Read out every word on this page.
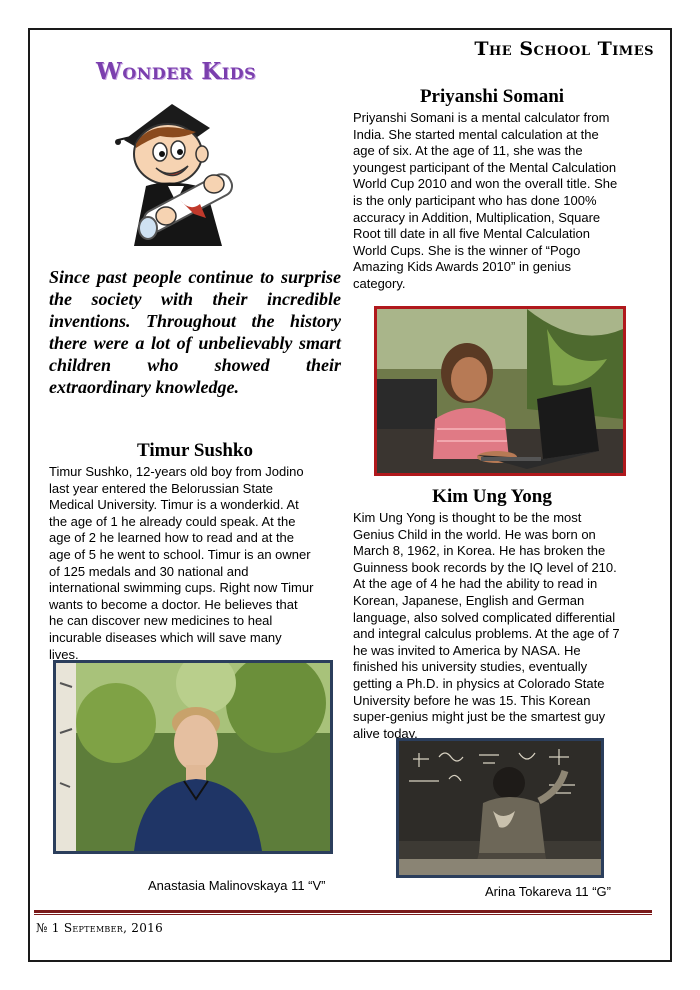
The School Times
Wonder Kids
Since past people continue to surprise the society with their incredible inventions. Throughout the history there were a lot of unbelievably smart children who showed their extraordinary knowledge.
Priyanshi Somani
Priyanshi Somani is a mental calculator from
India. She started mental calculation at the
age of six. At the age of 11, she was the
youngest participant of the Mental Calculation
World Cup 2010 and won the overall title. She
is the only participant who has done 100%
accuracy in Addition, Multiplication, Square
Root till date in all five Mental Calculation
World Cups. She is the winner of “Pogo
Amazing Kids Awards 2010” in genius
category.
Timur Sushko
Timur Sushko, 12-years old boy from Jodino
last year entered the Belorussian State
Medical University. Timur is a wonderkid. At
the age of 1 he already could speak. At the
age of 2 he learned how to read and at the
age of 5 he went to school. Timur is an owner
of 125 medals and 30 national and
international swimming cups. Right now Timur
wants to become a doctor. He believes that
he can discover new medicines to heal
incurable diseases which will save many
lives.
Kim Ung Yong
Kim Ung Yong is thought to be the most
Genius Child in the world. He was born on
March 8, 1962, in Korea. He has broken the
Guinness book records by the IQ level of 210.
At the age of 4 he had the ability to read in
Korean, Japanese, English and German
language, also solved complicated differential
and integral calculus problems. At the age of 7
he was invited to America by NASA. He
finished his university studies, eventually
getting a Ph.D. in physics at Colorado State
University before he was 15. This Korean
super-genius might just be the smartest guy
alive today.
Anastasia Malinovskaya 11 “V”	Arina Tokareva 11 “G”
№ 1 September, 2016
